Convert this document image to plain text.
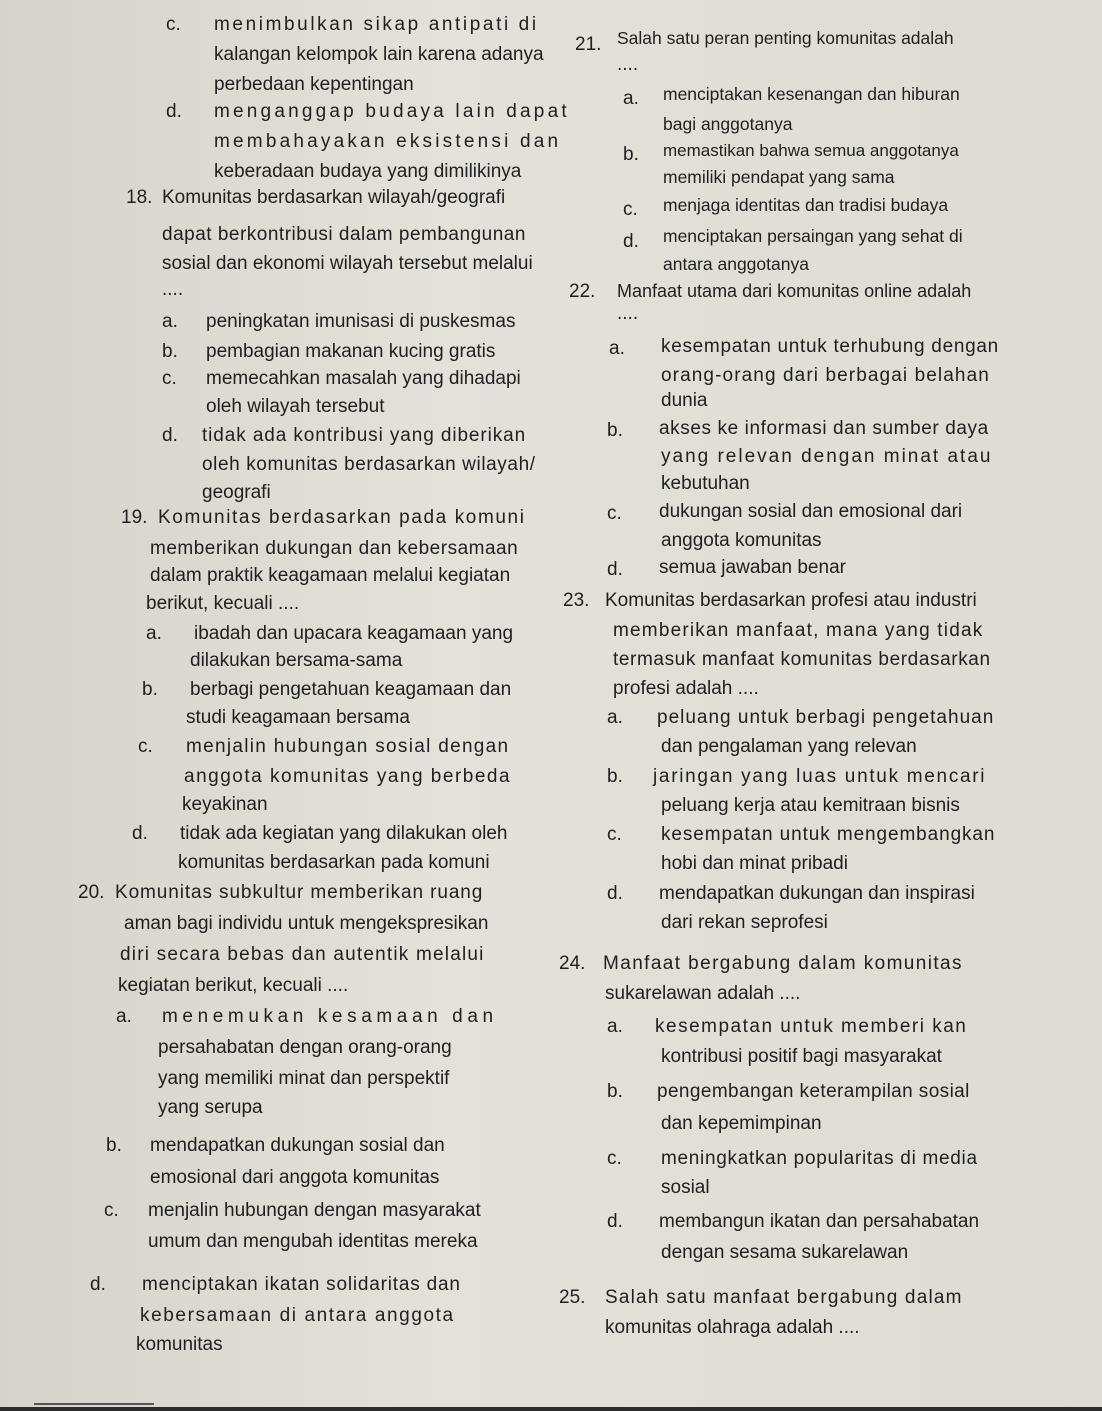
c. menimbulkan sikap antipati di
kalangan kelompok lain karena adanya
perbedaan kepentingan
d. menganggap budaya lain dapat
membahayakan eksistensi dan
keberadaan budaya yang dimilikinya
18. Komunitas berdasarkan wilayah/geografi
dapat berkontribusi dalam pembangunan
sosial dan ekonomi wilayah tersebut melalui
....
a. peningkatan imunisasi di puskesmas
b. pembagian makanan kucing gratis
c. memecahkan masalah yang dihadapi
oleh wilayah tersebut
d. tidak ada kontribusi yang diberikan
oleh komunitas berdasarkan wilayah/
geografi
19. Komunitas berdasarkan pada komuni
memberikan dukungan dan kebersamaan
dalam praktik keagamaan melalui kegiatan
berikut, kecuali ....
a. ibadah dan upacara keagamaan yang
dilakukan bersama-sama
b. berbagi pengetahuan keagamaan dan
studi keagamaan bersama
c. menjalin hubungan sosial dengan
anggota komunitas yang berbeda
keyakinan
d. tidak ada kegiatan yang dilakukan oleh
komunitas berdasarkan pada komuni
20. Komunitas subkultur memberikan ruang
aman bagi individu untuk mengekspresikan
diri secara bebas dan autentik melalui
kegiatan berikut, kecuali ....
a. menemukan kesamaan dan
persahabatan dengan orang-orang
yang memiliki minat dan perspektif
yang serupa
b. mendapatkan dukungan sosial dan
emosional dari anggota komunitas
c. menjalin hubungan dengan masyarakat
umum dan mengubah identitas mereka
d. menciptakan ikatan solidaritas dan
kebersamaan di antara anggota
komunitas
21. Salah satu peran penting komunitas adalah
....
a. menciptakan kesenangan dan hiburan
bagi anggotanya
b. memastikan bahwa semua anggotanya
memiliki pendapat yang sama
c. menjaga identitas dan tradisi budaya
d. menciptakan persaingan yang sehat di
antara anggotanya
22. Manfaat utama dari komunitas online adalah
....
a. kesempatan untuk terhubung dengan
orang-orang dari berbagai belahan
dunia
b. akses ke informasi dan sumber daya
yang relevan dengan minat atau
kebutuhan
c. dukungan sosial dan emosional dari
anggota komunitas
d. semua jawaban benar
23. Komunitas berdasarkan profesi atau industri
memberikan manfaat, mana yang tidak
termasuk manfaat komunitas berdasarkan
profesi adalah ....
a. peluang untuk berbagi pengetahuan
dan pengalaman yang relevan
b. jaringan yang luas untuk mencari
peluang kerja atau kemitraan bisnis
c. kesempatan untuk mengembangkan
hobi dan minat pribadi
d. mendapatkan dukungan dan inspirasi
dari rekan seprofesi
24. Manfaat bergabung dalam komunitas
sukarelawan adalah ....
a. kesempatan untuk memberi kan
kontribusi positif bagi masyarakat
b. pengembangan keterampilan sosial
dan kepemimpinan
c. meningkatkan popularitas di media
sosial
d. membangun ikatan dan persahabatan
dengan sesama sukarelawan
25. Salah satu manfaat bergabung dalam
komunitas olahraga adalah ....
